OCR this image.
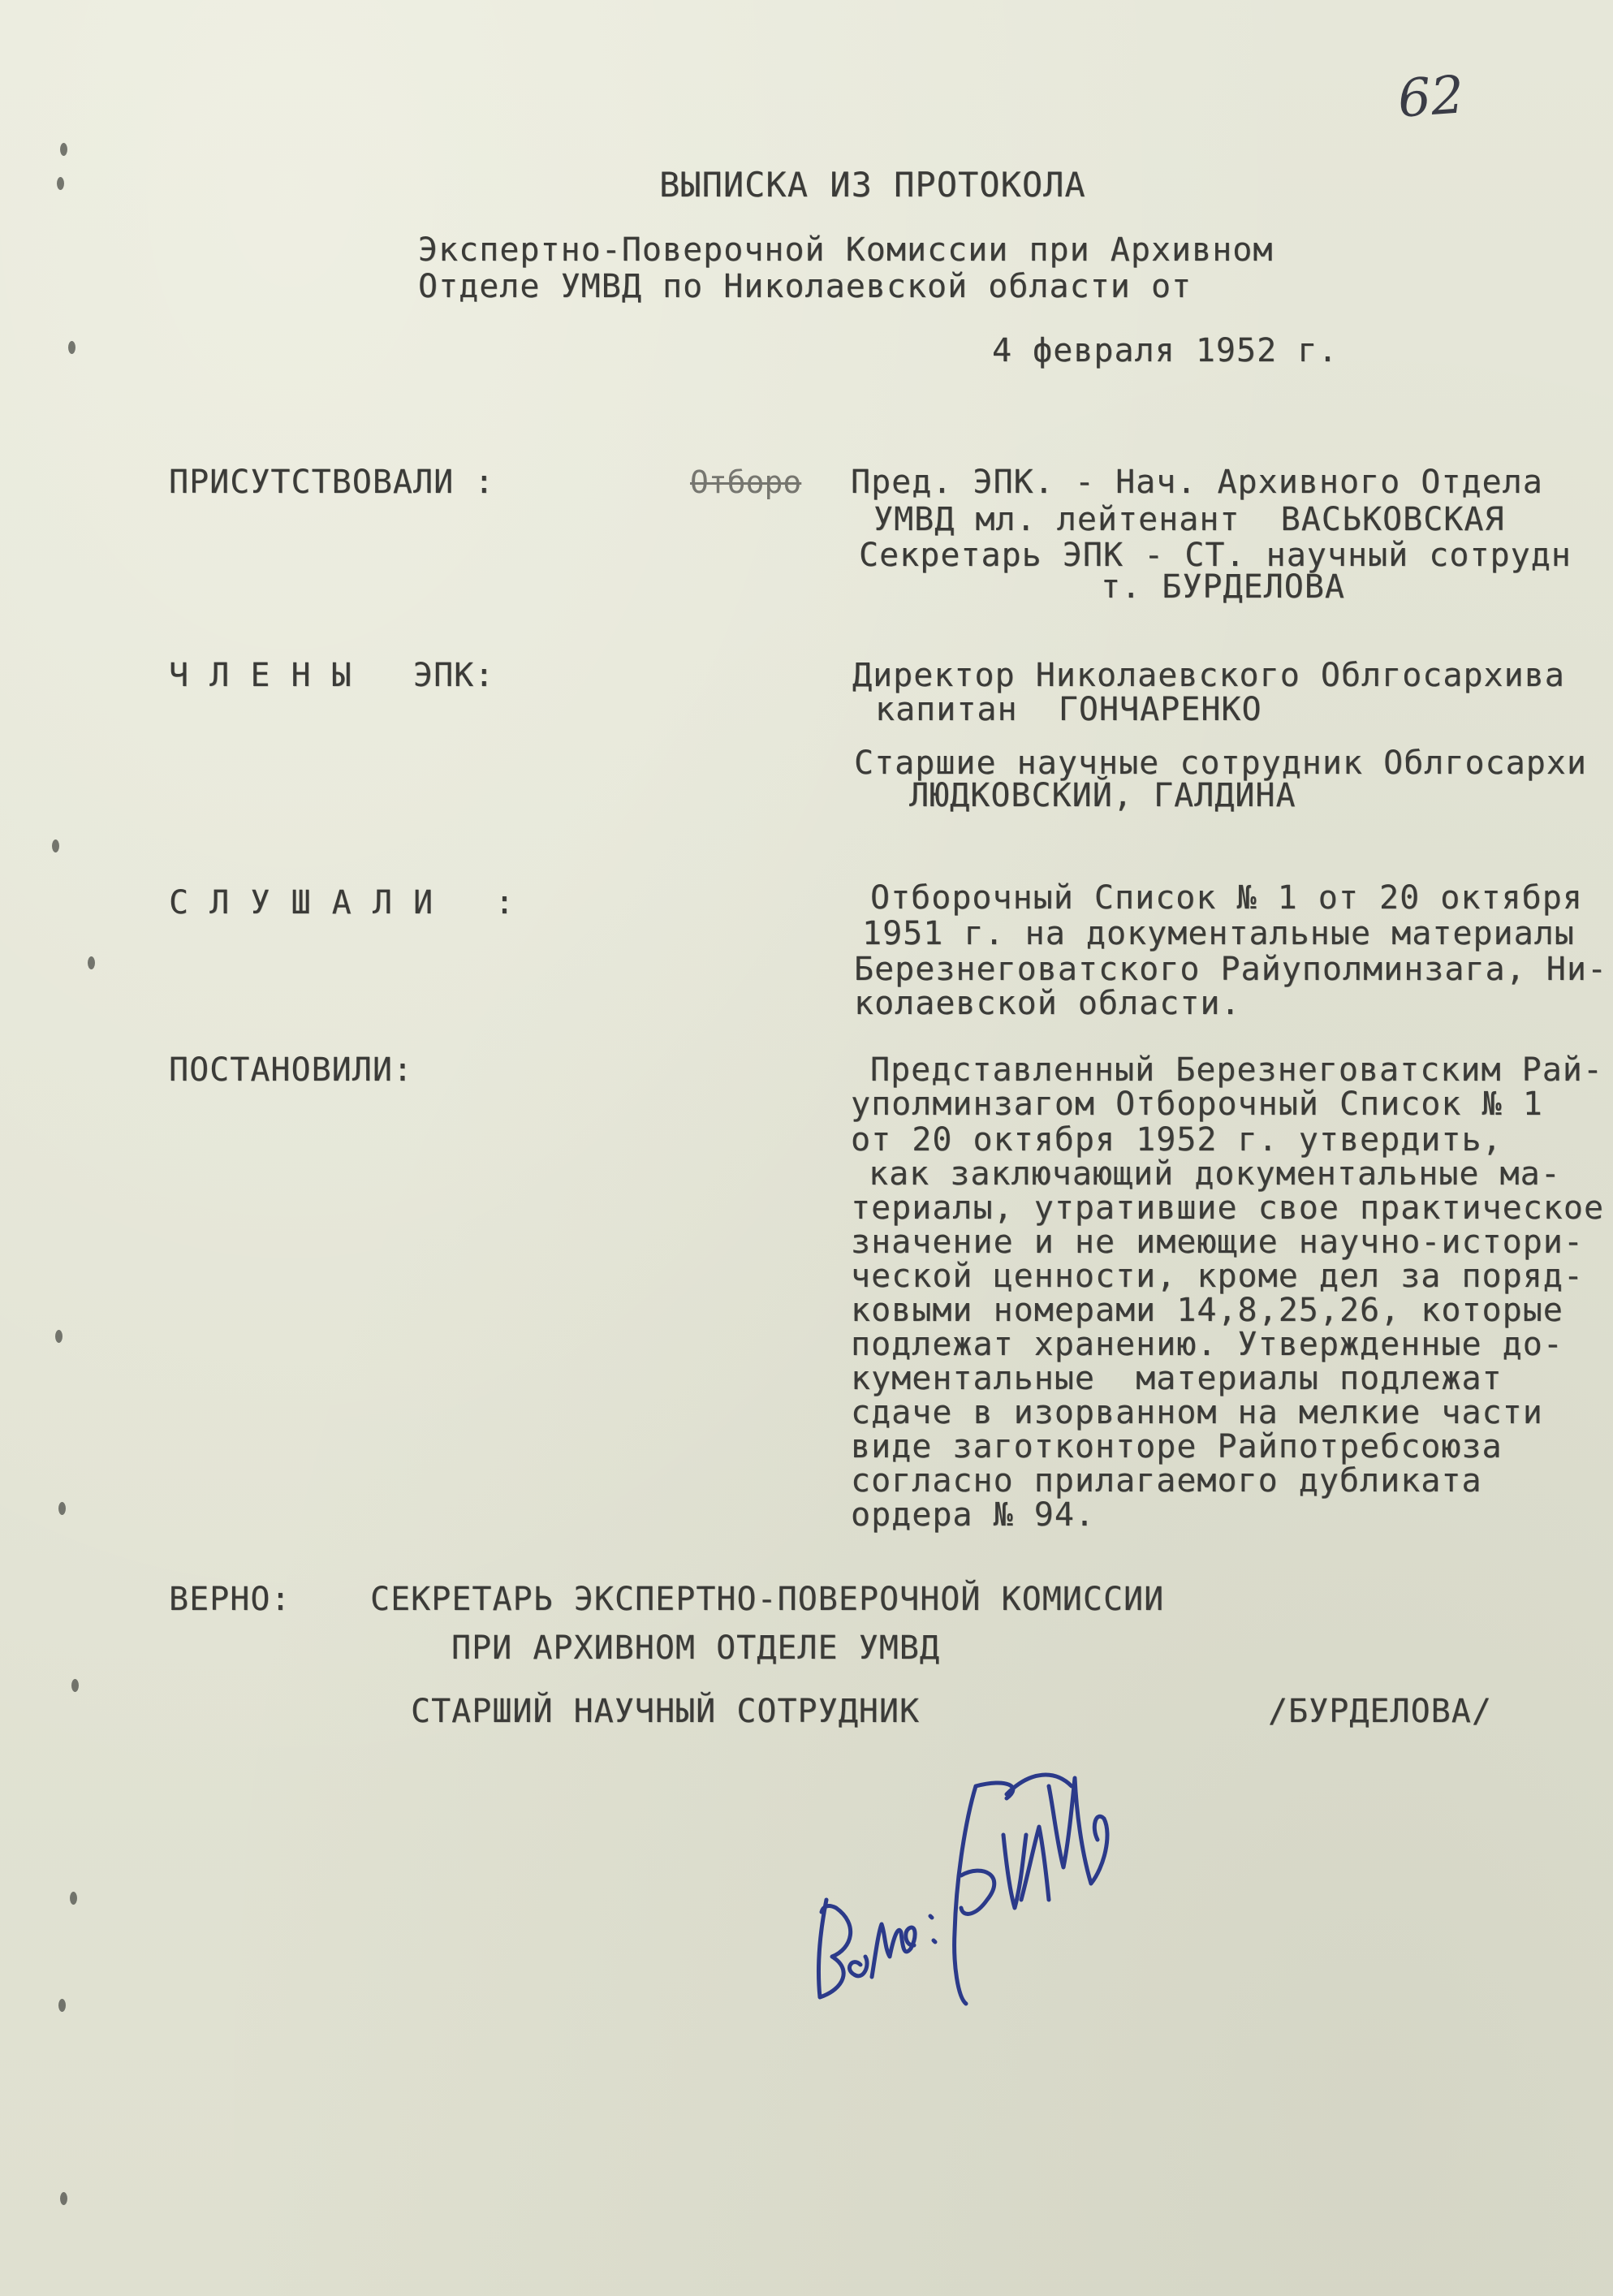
62
ВЫПИСКА ИЗ ПРОТОКОЛА
Экспертно-Поверочной Комиссии при Архивном
Отделе УМВД по Николаевской области от
4 февраля 1952 г.
ПРИСУТСТВОВАЛИ :	Отборо	Пред. ЭПК. - Нач. Архивного Отдела
УМВД мл. лейтенант  ВАСЬКОВСКАЯ
Секретарь ЭПК - СТ. научный сотрудн
т. БУРДЕЛОВА
Ч Л Е Н Ы   ЭПК:	Директор Николаевского Облгосархива
капитан  ГОНЧАРЕНКО
Старшие научные сотрудник Облгосархи
ЛЮДКОВСКИЙ, ГАЛДИНА
С Л У Ш А Л И   :	Отборочный Список № 1 от 20 октября
1951 г. на документальные материалы
Березнеговатского Райуполминзага, Ни-
колаевской области.
ПОСТАНОВИЛИ:	Представленный Березнеговатским Рай-
уполминзагом Отборочный Список № 1
от 20 октября 1952 г. утвердить,
как заключающий документальные ма-
териалы, утратившие свое практическое
значение и не имеющие научно-истори-
ческой ценности, кроме дел за поряд-
ковыми номерами 14,8,25,26, которые
подлежат хранению. Утвержденные до-
кументальные  материалы подлежат
сдаче в изорванном на мелкие части
виде заготконторе Райпотребсоюза
согласно прилагаемого дубликата
ордера № 94.
ВЕРНО: СЕКРЕТАРЬ ЭКСПЕРТНО-ПОВЕРОЧНОЙ КОМИССИИ
ПРИ АРХИВНОМ ОТДЕЛЕ УМВД
СТАРШИЙ НАУЧНЫЙ СОТРУДНИК	/БУРДЕЛОВА/
